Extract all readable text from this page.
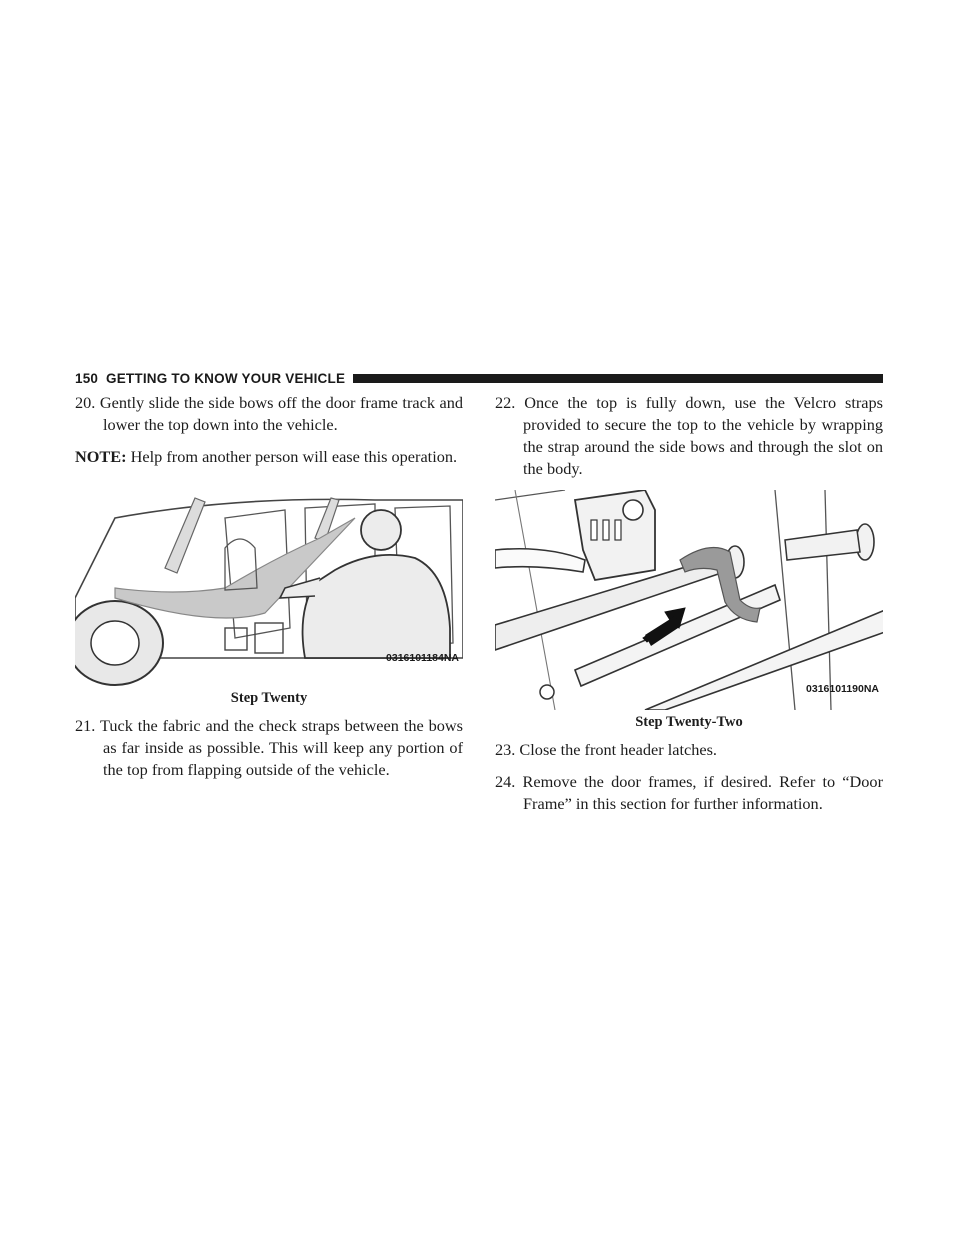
150 GETTING TO KNOW YOUR VEHICLE

20. Gently slide the side bows off the door frame track and lower the top down into the vehicle.

NOTE: Help from another person will ease this operation.

0316101184NA
Step Twenty

21. Tuck the fabric and the check straps between the bows as far inside as possible. This will keep any portion of the top from flapping outside of the vehicle.

22. Once the top is fully down, use the Velcro straps provided to secure the top to the vehicle by wrapping the strap around the side bows and through the slot on the body.

0316101190NA
Step Twenty-Two

23. Close the front header latches.

24. Remove the door frames, if desired. Refer to “Door Frame” in this section for further information.
